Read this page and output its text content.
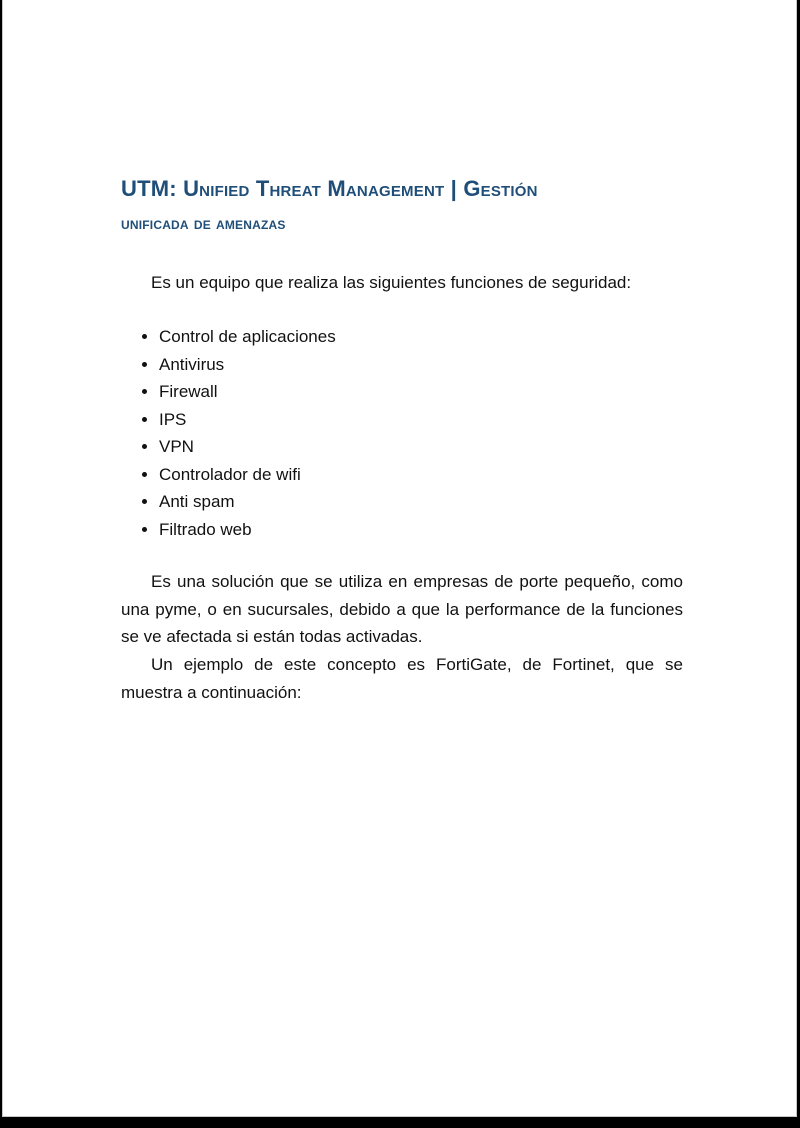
UTM: Unified Threat Management | Gestión
unificada de amenazas
Es un equipo que realiza las siguientes funciones de seguridad:
• Control de aplicaciones
• Antivirus
• Firewall
• IPS
• VPN
• Controlador de wifi
• Anti spam
• Filtrado web
Es una solución que se utiliza en empresas de porte pequeño, como una pyme, o en sucursales, debido a que la performance de la funciones se ve afectada si están todas activadas.
Un ejemplo de este concepto es FortiGate, de Fortinet, que se muestra a continuación:
